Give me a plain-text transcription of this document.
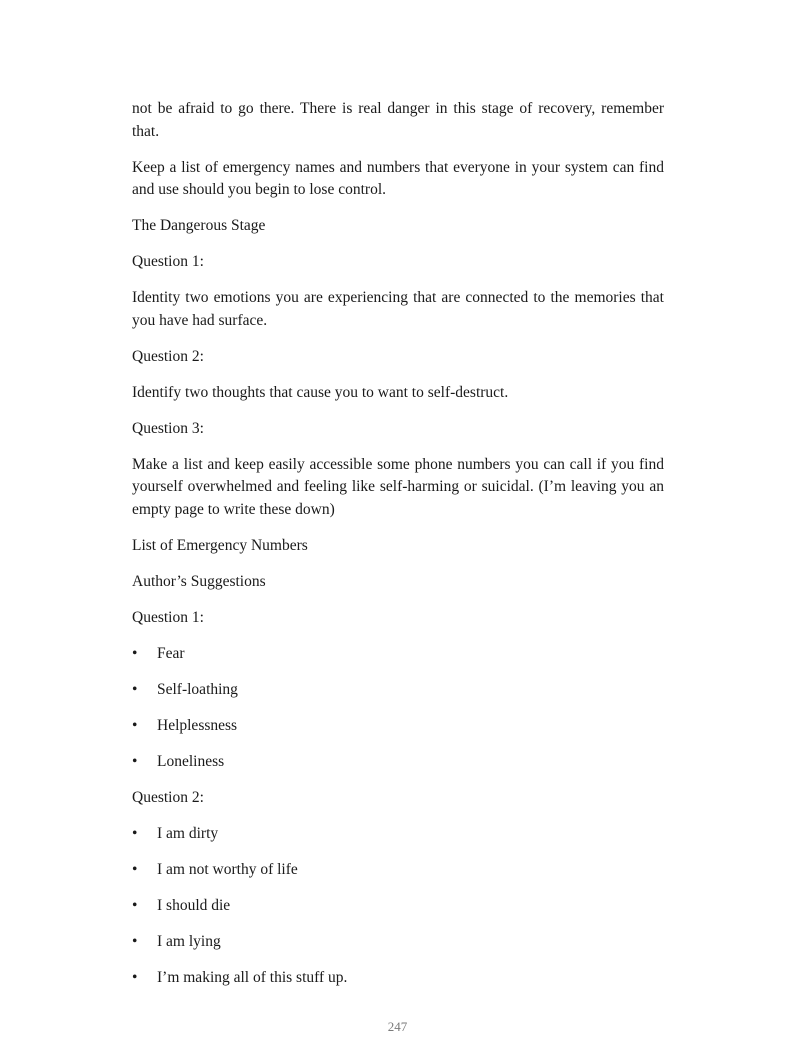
not be afraid to go there. There is real danger in this stage of recovery, remember that.

Keep a list of emergency names and numbers that everyone in your system can find and use should you begin to lose control.

The Dangerous Stage

Question 1:

Identity two emotions you are experiencing that are connected to the memories that you have had surface.

Question 2:

Identify two thoughts that cause you to want to self-destruct.

Question 3:

Make a list and keep easily accessible some phone numbers you can call if you find yourself overwhelmed and feeling like self-harming or suicidal. (I’m leaving you an empty page to write these down)

List of Emergency Numbers

Author’s Suggestions

Question 1:

• Fear
• Self-loathing
• Helplessness
• Loneliness

Question 2:

• I am dirty
• I am not worthy of life
• I should die
• I am lying
• I’m making all of this stuff up.
247
